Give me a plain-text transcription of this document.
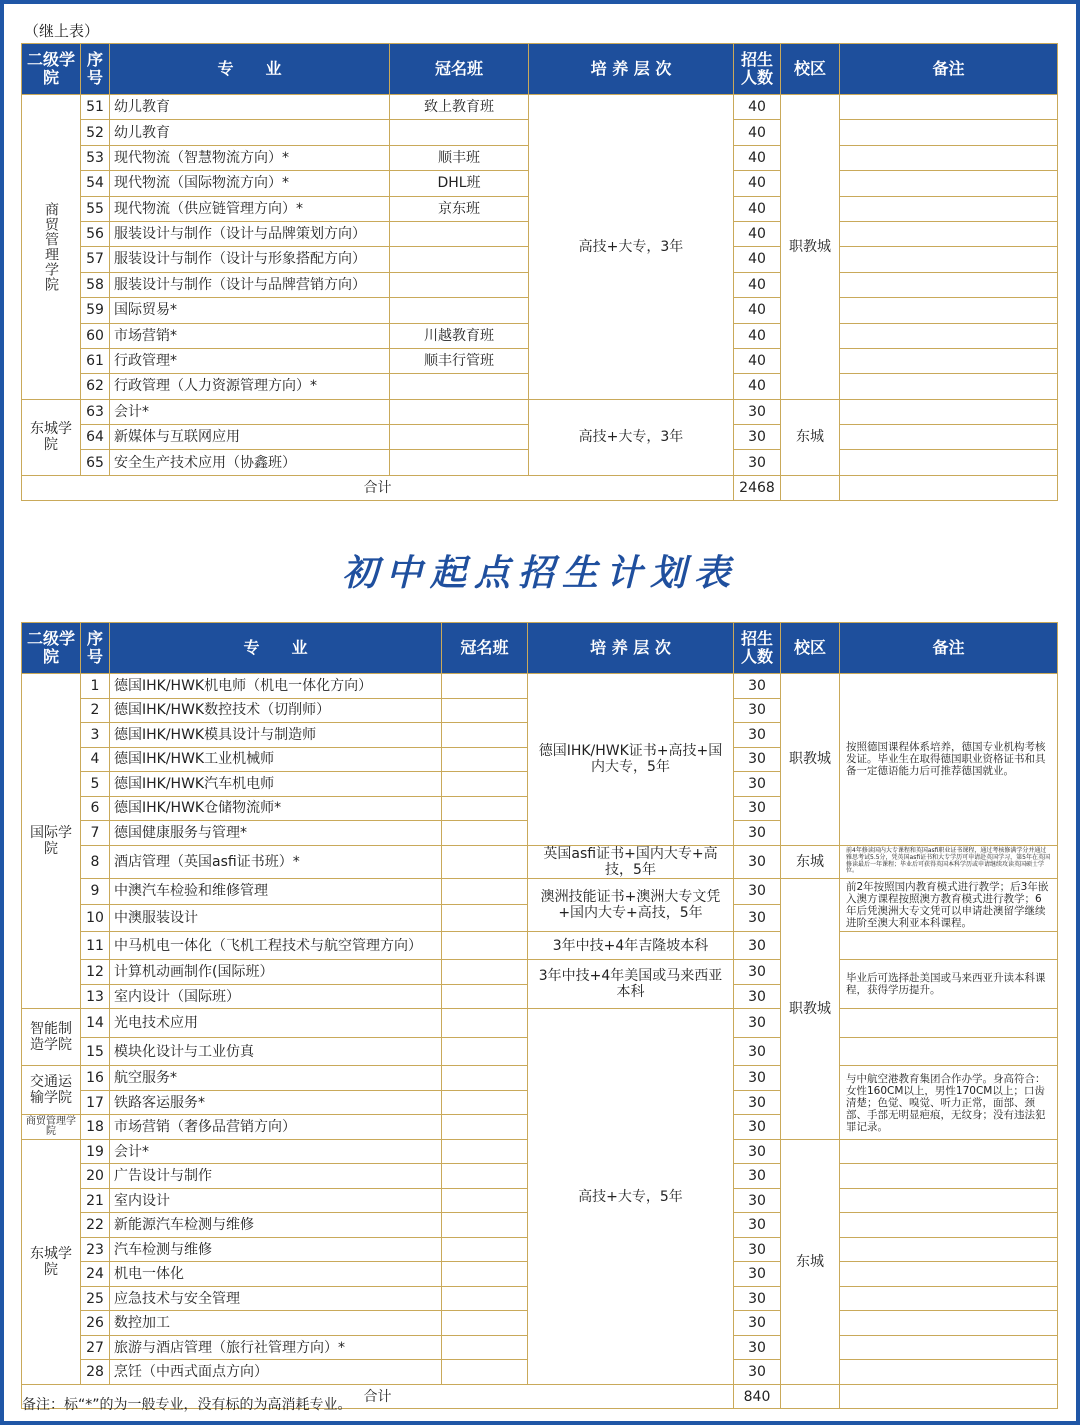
（继上表）
二级学院	序号	专　　业	冠名班	培 养 层 次	招生人数	校区	备注

商贸管理学院	51	幼儿教育	致上教育班	高技+大专，3年	40	职教城	
	52	幼儿教育			40		
	53	现代物流（智慧物流方向）*	顺丰班		40		
	54	现代物流（国际物流方向）*	DHL班		40		
	55	现代物流（供应链管理方向）*	京东班		40		
	56	服装设计与制作（设计与品牌策划方向）			40		
	57	服装设计与制作（设计与形象搭配方向）			40		
	58	服装设计与制作（设计与品牌营销方向）			40		
	59	国际贸易*			40		
	60	市场营销*	川越教育班		40		
	61	行政管理*	顺丰行管班		40		
	62	行政管理（人力资源管理方向）*			40		

东城学院	63	会计*		高技+大专，3年	30	东城	
	64	新媒体与互联网应用			30		
	65	安全生产技术应用（协鑫班）			30		
合计					2468		
初中起点招生计划表
二级学院	序号	专　　业	冠名班	培 养 层 次	招生人数	校区	备注

国际学院	1	德国IHK/HWK机电师（机电一体化方向）		德国IHK/HWK证书+高技+国内大专，5年	30	职教城	按照德国课程体系培养，德国专业机构考核发证。毕业生在取得德国职业资格证书和具备一定德语能力后可推荐德国就业。
	2	德国IHK/HWK数控技术（切削师）			30		
	3	德国IHK/HWK模具设计与制造师			30		
	4	德国IHK/HWK工业机械师			30		
	5	德国IHK/HWK汽车机电师			30		
	6	德国IHK/HWK仓储物流师*			30		
	7	德国健康服务与管理*			30		
	8	酒店管理（英国asfi证书班）*		英国asfi证书+国内大专+高技，5年	30	东城	前4年修读国内大专课程和英国asfi职业证书课程，通过考核修满学分并通过雅思考试5.5分，凭英国asfi证书和大专学历可申请赴英国学习，第5年在英国修读最后一年课程；毕业后可获得英国本科学历或申请继续攻读英国硕士学位。
	9	中澳汽车检验和维修管理		澳洲技能证书+澳洲大专文凭+国内大专+高技，5年	30	职教城	前2年按照国内教育模式进行教学；后3年嵌入澳方课程按照澳方教育模式进行教学；6年后凭澳洲大专文凭可以申请赴澳留学继续进阶至澳大利亚本科课程。
	10	中澳服装设计			30		
	11	中马机电一体化（飞机工程技术与航空管理方向）		3年中技+4年吉隆坡本科	30		
	12	计算机动画制作(国际班）		3年中技+4年美国或马来西亚本科	30		毕业后可选择赴美国或马来西亚升读本科课程，获得学历提升。
	13	室内设计（国际班）			30		

智能制造学院	14	光电技术应用		高技+大专，5年	30		
	15	模块化设计与工业仿真			30		

交通运输学院	16	航空服务*			30		与中航空港教育集团合作办学。身高符合：女性160CM以上，男性170CM以上；口齿清楚；色觉、嗅觉、听力正常，面部、颈部、手部无明显疤痕，无纹身；没有违法犯罪记录。
	17	铁路客运服务*			30		

商贸管理学院	18	市场营销（奢侈品营销方向）			30		

东城学院	19	会计*			30	东城	
	20	广告设计与制作			30		
	21	室内设计			30		
	22	新能源汽车检测与维修			30		
	23	汽车检测与维修			30		
	24	机电一体化			30		
	25	应急技术与安全管理			30		
	26	数控加工			30		
	27	旅游与酒店管理（旅行社管理方向）*			30		
	28	烹饪（中西式面点方向）			30		
合计					840		
备注：标“*”的为一般专业，没有标的为高消耗专业。
